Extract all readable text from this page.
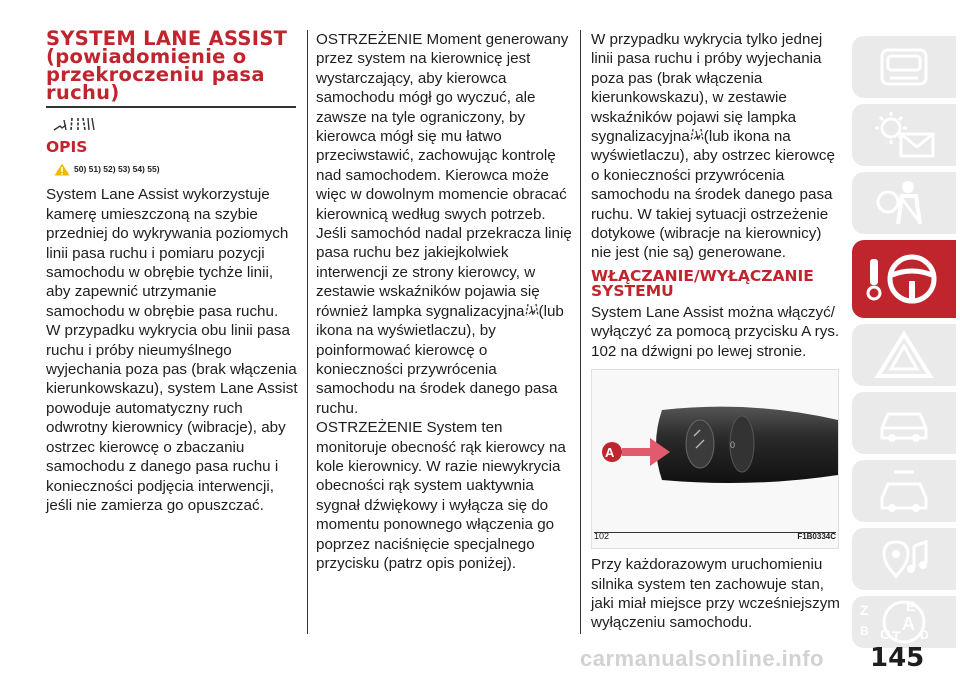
SYSTEM LANE ASSIST (powiadomienie o przekroczeniu pasa ruchu)
OPIS
50) 51) 52) 53) 54) 55)

System Lane Assist wykorzystuje kamerę umieszczoną na szybie przedniej do wykrywania poziomych linii pasa ruchu i pomiaru pozycji samochodu w obrębie tychże linii, aby zapewnić utrzymanie samochodu w obrębie pasa ruchu.

W przypadku wykrycia obu linii pasa ruchu i próby nieumyślnego wyjechania poza pas (brak włączenia kierunkowskazu), system Lane Assist powoduje automatyczny ruch odwrotny kierownicy (wibracje), aby ostrzec kierowcę o zbaczaniu samochodu z danego pasa ruchu i konieczności podjęcia interwencji, jeśli nie zamierza go opuszczać.

OSTRZEŻENIE Moment generowany przez system na kierownicę jest wystarczający, aby kierowca samochodu mógł go wyczuć, ale zawsze na tyle ograniczony, by kierowca mógł się mu łatwo przeciwstawić, zachowując kontrolę nad samochodem. Kierowca może więc w dowolnym momencie obracać kierownicą według swych potrzeb. Jeśli samochód nadal przekracza linię pasa ruchu bez jakiejkolwiek interwencji ze strony kierowcy, w zestawie wskaźników pojawia się również lampka sygnalizacyjna (lub ikona na wyświetlaczu), by poinformować kierowcę o konieczności przywrócenia samochodu na środek danego pasa ruchu.

OSTRZEŻENIE System ten monitoruje obecność rąk kierowcy na kole kierownicy. W razie niewykrycia obecności rąk system uaktywnia sygnał dźwiękowy i wyłącza się do momentu ponownego włączenia go poprzez naciśnięcie specjalnego przycisku (patrz opis poniżej).

W przypadku wykrycia tylko jednej linii pasa ruchu i próby wyjechania poza pas (brak włączenia kierunkowskazu), w zestawie wskaźników pojawi się lampka sygnalizacyjna (lub ikona na wyświetlaczu), aby ostrzec kierowcę o konieczności przywrócenia samochodu na środek danego pasa ruchu. W takiej sytuacji ostrzeżenie dotykowe (wibracje na kierownicy) nie jest (nie są) generowane.

WŁĄCZANIE/WYŁĄCZANIE SYSTEMU

System Lane Assist można włączyć/ wyłączyć za pomocą przycisku A rys. 102 na dźwigni po lewej stronie.

0
A
102	F1B0334C

Przy każdorazowym uruchomieniu silnika system ten zachowuje stan, jaki miał miejsce przy wcześniejszym wyłączeniu samochodu.

Z	E
A
B C T D
carmanualsonline.info 145
